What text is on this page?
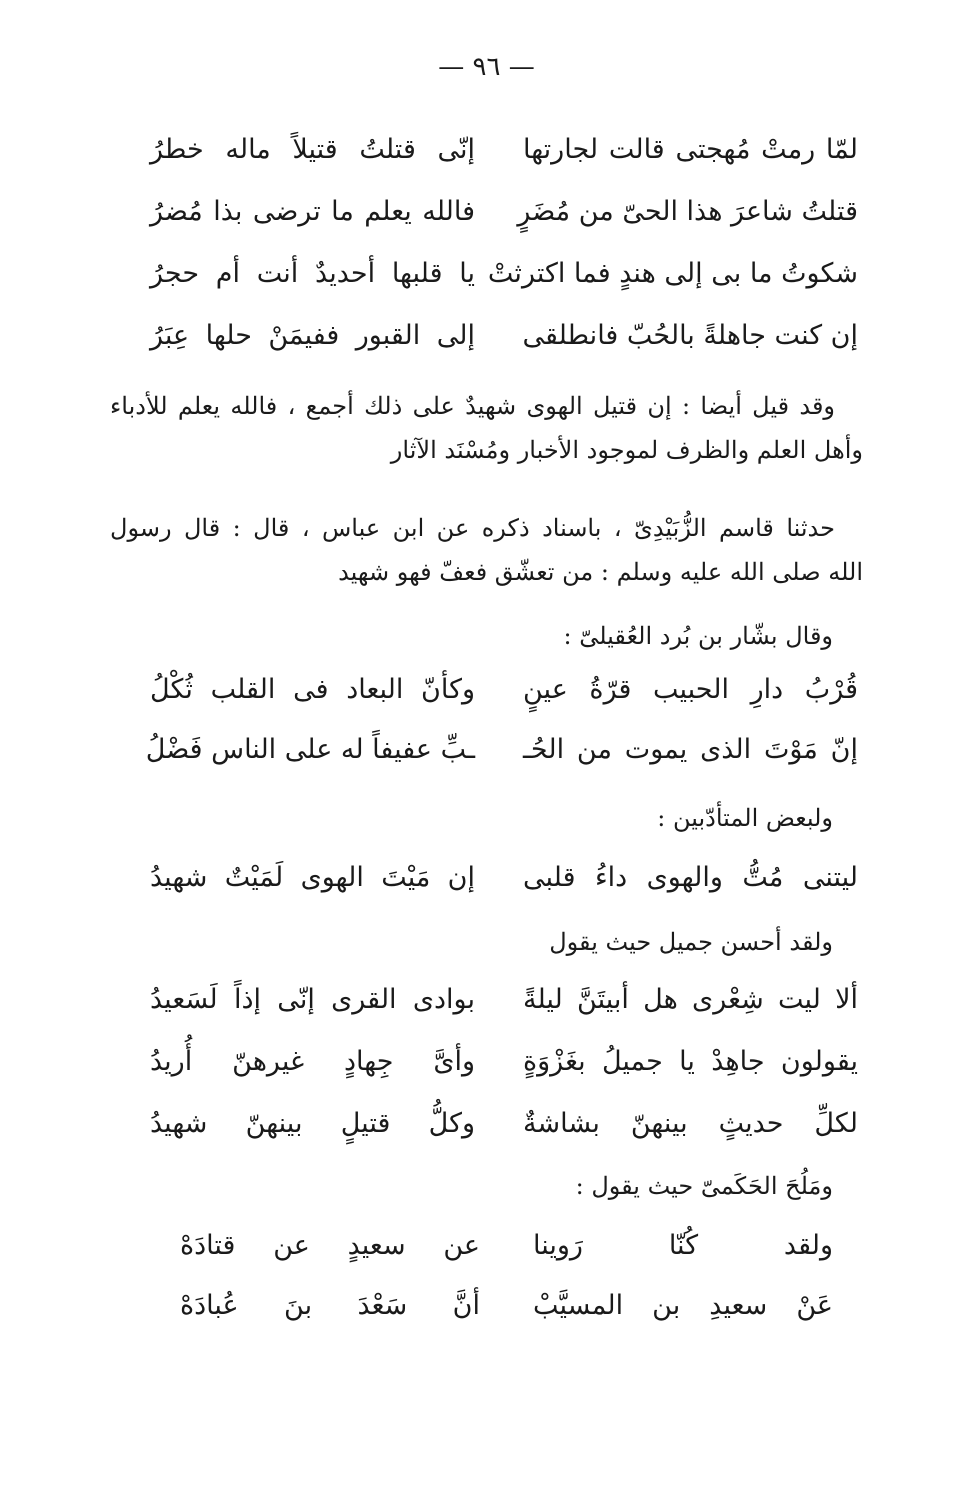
— ٩٦ —
لمّا رمتْ مُهجتى قالت لجارتها
إنّى قتلتُ قتيلاً ماله خطرُ
قتلتُ شاعرَ هذا الحىّ من مُضَرٍ
فالله يعلم ما ترضى بذا مُضرُ
شكوتُ ما بى إلى هندٍ فما اكترثتْ
يا قلبها أحديدٌ أنت أم حجرُ
إن كنت جاهلةً بالحُبّ فانطلقى
إلى القبور ففيمَنْ حلها عِبَرُ
وقد قيل أيضا : إن قتيل الهوى شهيدٌ على ذلك أجمع ، فالله يعلم للأدباء
وأهل العلم والظرف لموجود الأخبار ومُسْنَد الآثار
حدثنا قاسم الزُّبَيْدِىّ ، باسناد ذكره عن ابن عباس ، قال : قال رسول
الله صلى الله عليه وسلم : من تعشّق فعفّ فهو شهيد
وقال بشّار بن بُرد العُقيلىّ :
قُرْبُ دارِ الحبيب قرّةُ عينٍ
وكأنّ البعاد فى القلب ثُكْلُ
إنّ مَوْتَ الذى يموت من الحُـ
ـبِّ عفيفاً له على الناس فَضْلُ
ولبعض المتأدّبين :
ليتنى مُتُّ والهوى داءُ قلبى
إن مَيْتَ الهوى لَمَيْتٌ شهيدُ
ولقد أحسن جميل حيث يقول
ألا ليت شِعْرى هل أبيتَنَّ ليلةً
بوادى القرى إنّى إذاً لَسَعيدُ
يقولون جاهِدْ يا جميلُ بغَزْوَةٍ
وأىَّ جِهادٍ غيرهنّ أُريدُ
لكلِّ حديثٍ بينهنّ بشاشةٌ
وكلُّ قتيلٍ بينهنّ شهيدُ
ومَلُحَ الحَكَمىّ حيث يقول :
ولقد كُنّا رَوينا
عن سعيدٍ عن قتادَهْ
عَنْ سعيدِ بن المسيَّبْ
أنَّ سَعْدَ بنَ عُبادَهْ
